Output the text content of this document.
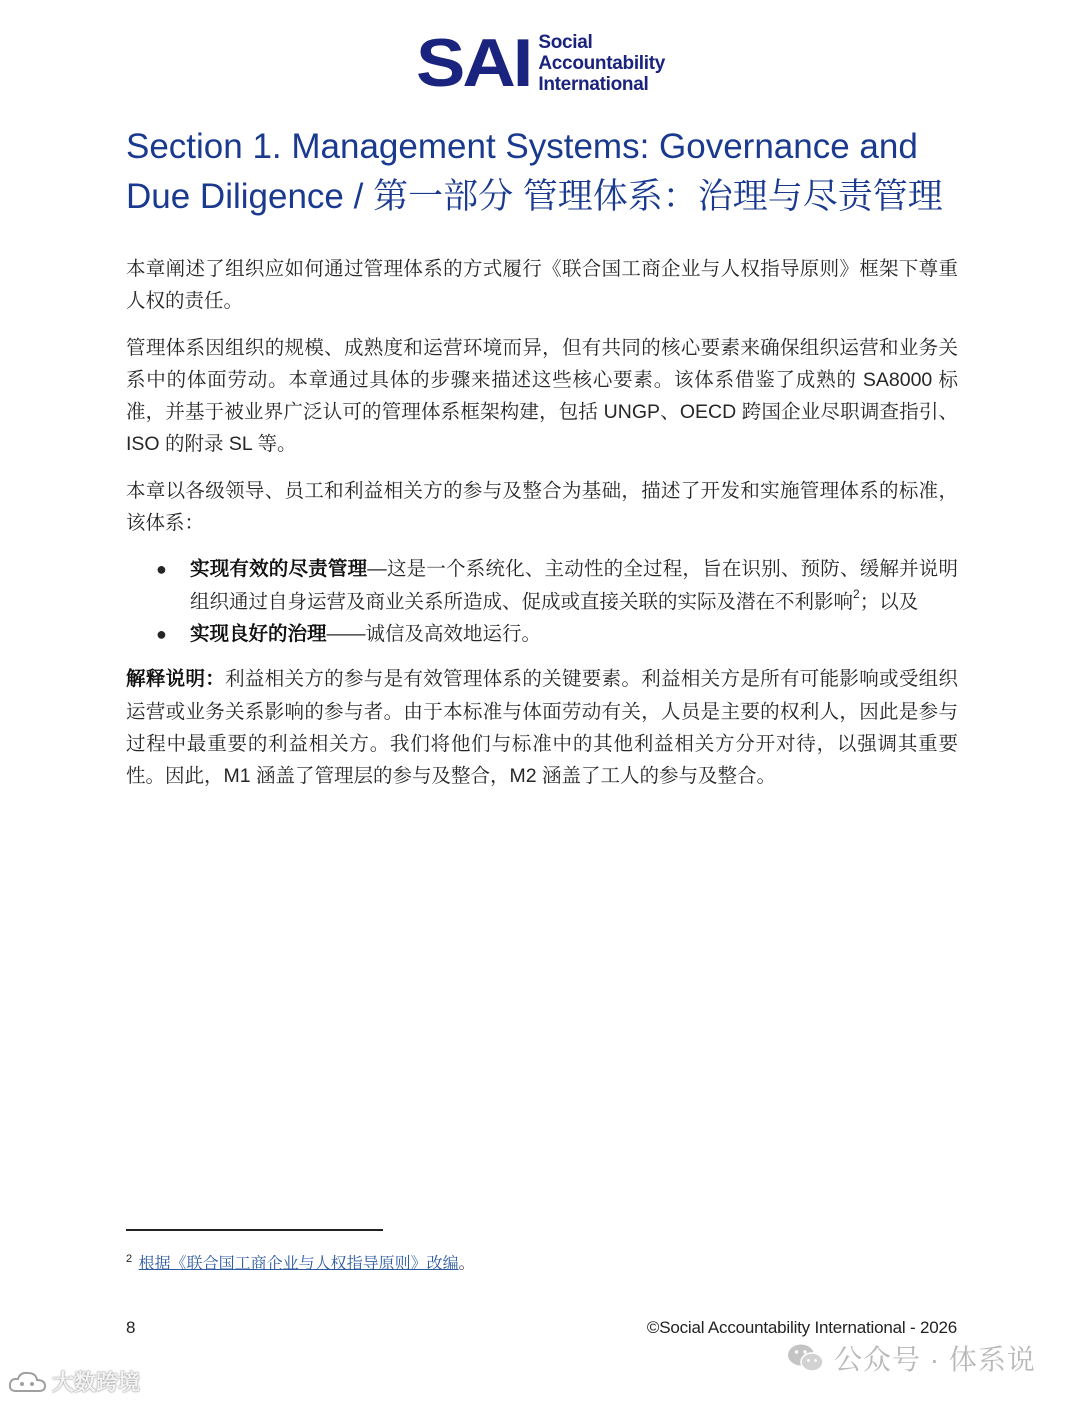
SAI Social
Accountability
International
Section 1. Management Systems: Governance and
Due Diligence / 第一部分 管理体系：治理与尽责管理

本章阐述了组织应如何通过管理体系的方式履行《联合国工商企业与人权指导原则》框架下尊重人权的责任。

管理体系因组织的规模、成熟度和运营环境而异，但有共同的核心要素来确保组织运营和业务关系中的体面劳动。本章通过具体的步骤来描述这些核心要素。该体系借鉴了成熟的 SA8000 标准，并基于被业界广泛认可的管理体系框架构建，包括 UNGP、OECD 跨国企业尽职调查指引、ISO 的附录 SL 等。

本章以各级领导、员工和利益相关方的参与及整合为基础，描述了开发和实施管理体系的标准，该体系：

● 实现有效的尽责管理—这是一个系统化、主动性的全过程，旨在识别、预防、缓解并说明组织通过自身运营及商业关系所造成、促成或直接关联的实际及潜在不利影响$^2$；以及
● 实现良好的治理——诚信及高效地运行。

解释说明：利益相关方的参与是有效管理体系的关键要素。利益相关方是所有可能影响或受组织运营或业务关系影响的参与者。由于本标准与体面劳动有关，人员是主要的权利人，因此是参与过程中最重要的利益相关方。我们将他们与标准中的其他利益相关方分开对待，以强调其重要性。因此，M1 涵盖了管理层的参与及整合，M2 涵盖了工人的参与及整合。

$^2$ 根据《联合国工商企业与人权指导原则》改编。
8	©Social Accountability International - 2026
公众号 · 体系说
大数跨境
